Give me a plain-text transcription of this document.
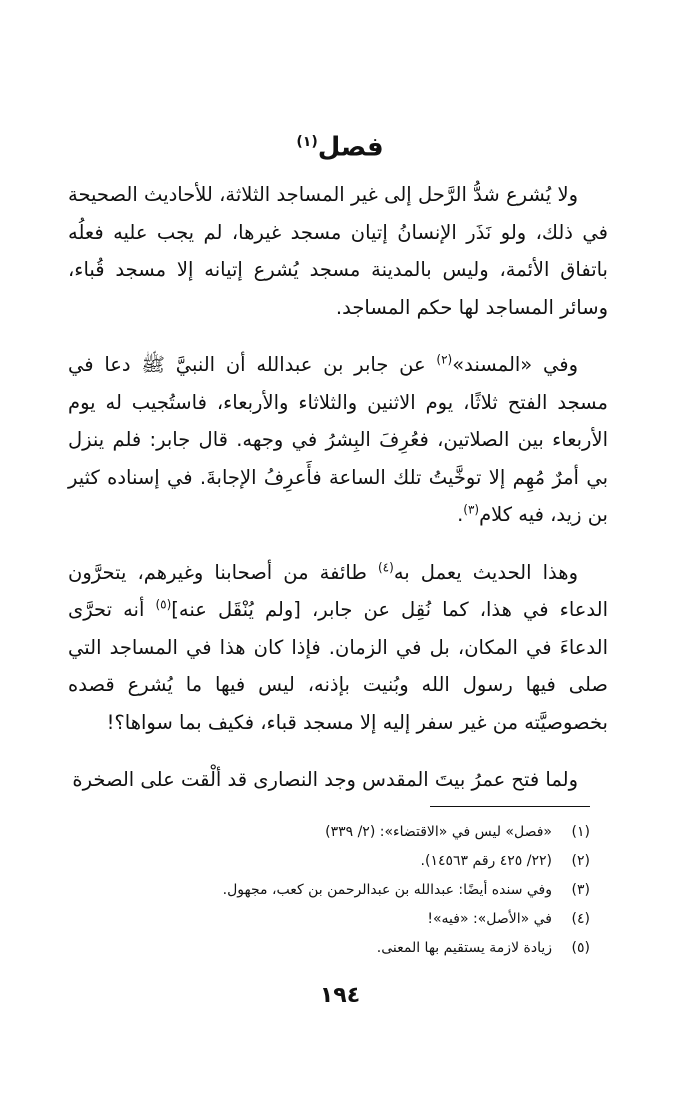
فصل$^{(١)}$

ولا يُشرع شدُّ الرَّحل إلى غير المساجد الثلاثة، للأحاديث الصحيحة في ذلك، ولو نَذَر الإنسانُ إتيان مسجد غيرها، لم يجب عليه فعلُه باتفاق الأئمة، وليس بالمدينة مسجد يُشرع إتيانه إلا مسجد قُباء، وسائر المساجد لها حكم المساجد.

وفي «المسند»$^{(٢)}$ عن جابر بن عبدالله أن النبيَّ ﷺ دعا في مسجد الفتح ثلاثًا، يوم الاثنين والثلاثاء والأربعاء، فاستُجيب له يوم الأربعاء بين الصلاتين، فعُرِفَ البِشرُ في وجهه. قال جابر: فلم ينزل بي أمرٌ مُهِم إلا توخَّيتُ تلك الساعة فأَعرِفُ الإجابةَ. في إسناده كثير بن زيد، فيه كلام$^{(٣)}$.

وهذا الحديث يعمل به$^{(٤)}$ طائفة من أصحابنا وغيرهم، يتحرَّون الدعاء في هذا، كما نُقِل عن جابر، [ولم يُنْقَل عنه]$^{(٥)}$ أنه تحرَّى الدعاءَ في المكان، بل في الزمان. فإذا كان هذا في المساجد التي صلى فيها رسول الله وبُنيت بإذنه، ليس فيها ما يُشرع قصده بخصوصيَّته من غير سفر إليه إلا مسجد قباء، فكيف بما سواها؟!

ولما فتح عمرُ بيتَ المقدس وجد النصارى قد ألْقت على الصخرة

(١)
«فصل» ليس في «الاقتضاء»: (٢/ ٣٣٩)
(٢)
(٢٢/ ٤٢٥ رقم ١٤٥٦٣).
(٣)
وفي سنده أيضًا: عبدالله بن عبدالرحمن بن كعب، مجهول.
(٤)
في «الأصل»: «فيه»!
(٥)
زيادة لازمة يستقيم بها المعنى.
١٩٤
